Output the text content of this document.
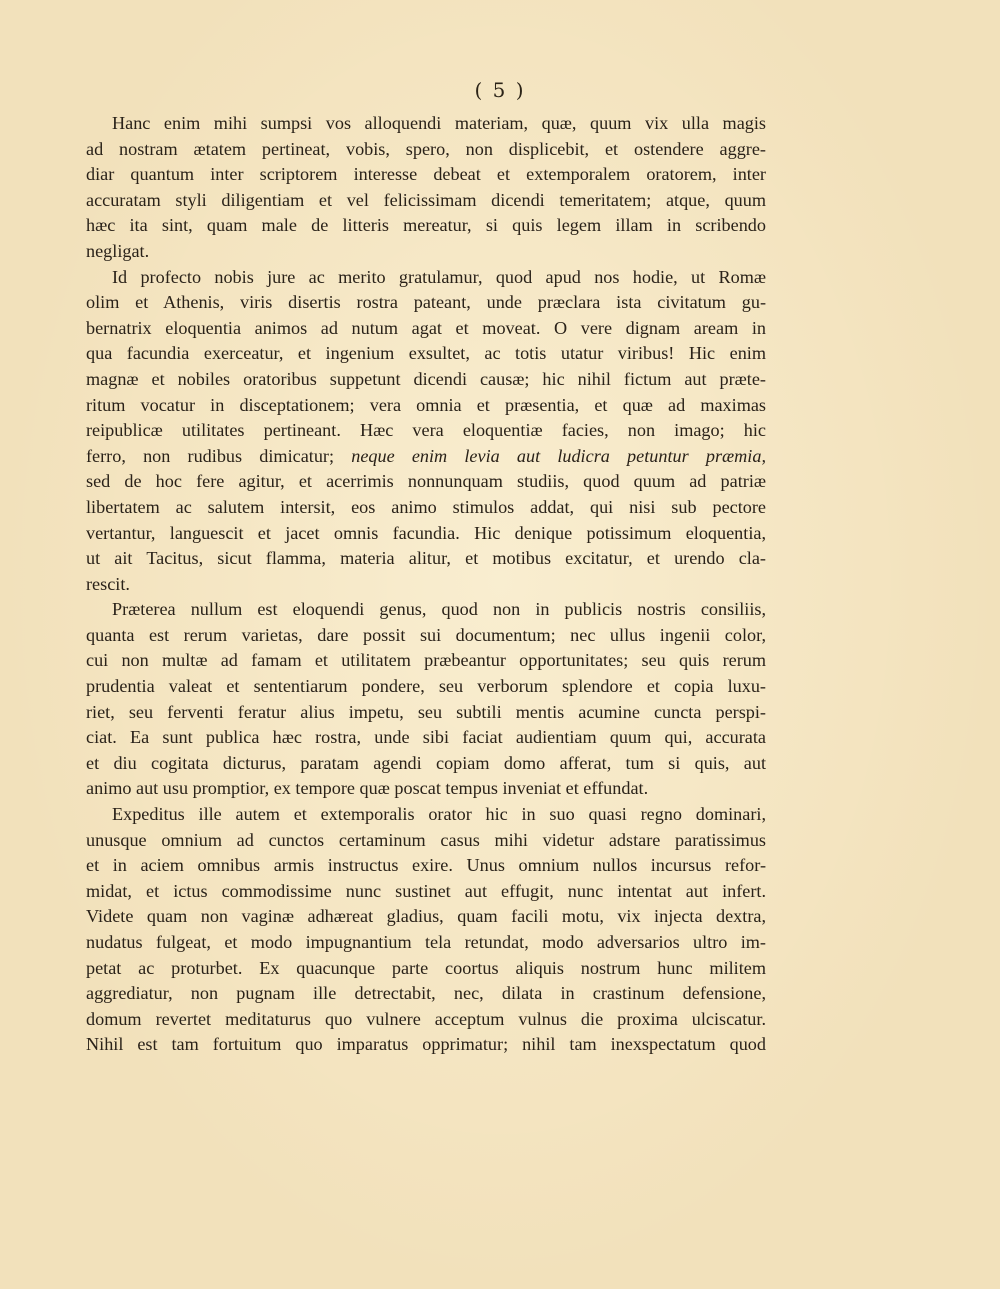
( 5 )
Hanc enim mihi sumpsi vos alloquendi materiam, quæ, quum vix ulla magis
ad nostram ætatem pertineat, vobis, spero, non displicebit, et ostendere aggre-
diar quantum inter scriptorem interesse debeat et extemporalem oratorem, inter
accuratam styli diligentiam et vel felicissimam dicendi temeritatem; atque, quum
hæc ita sint, quam male de litteris mereatur, si quis legem illam in scribendo
negligat.
Id profecto nobis jure ac merito gratulamur, quod apud nos hodie, ut Romæ
olim et Athenis, viris disertis rostra pateant, unde præclara ista civitatum gu-
bernatrix eloquentia animos ad nutum agat et moveat. O vere dignam aream in
qua facundia exerceatur, et ingenium exsultet, ac totis utatur viribus! Hic enim
magnæ et nobiles oratoribus suppetunt dicendi causæ; hic nihil fictum aut præte-
ritum vocatur in disceptationem; vera omnia et præsentia, et quæ ad maximas
reipublicæ utilitates pertineant. Hæc vera eloquentiæ facies, non imago; hic
ferro, non rudibus dimicatur; neque enim levia aut ludicra petuntur præmia,
sed de hoc fere agitur, et acerrimis nonnunquam studiis, quod quum ad patriæ
libertatem ac salutem intersit, eos animo stimulos addat, qui nisi sub pectore
vertantur, languescit et jacet omnis facundia. Hic denique potissimum eloquentia,
ut ait Tacitus, sicut flamma, materia alitur, et motibus excitatur, et urendo cla-
rescit.
Præterea nullum est eloquendi genus, quod non in publicis nostris consiliis,
quanta est rerum varietas, dare possit sui documentum; nec ullus ingenii color,
cui non multæ ad famam et utilitatem præbeantur opportunitates; seu quis rerum
prudentia valeat et sententiarum pondere, seu verborum splendore et copia luxu-
riet, seu ferventi feratur alius impetu, seu subtili mentis acumine cuncta perspi-
ciat. Ea sunt publica hæc rostra, unde sibi faciat audientiam quum qui, accurata
et diu cogitata dicturus, paratam agendi copiam domo afferat, tum si quis, aut
animo aut usu promptior, ex tempore quæ poscat tempus inveniat et effundat.
Expeditus ille autem et extemporalis orator hic in suo quasi regno dominari,
unusque omnium ad cunctos certaminum casus mihi videtur adstare paratissimus
et in aciem omnibus armis instructus exire. Unus omnium nullos incursus refor-
midat, et ictus commodissime nunc sustinet aut effugit, nunc intentat aut infert.
Videte quam non vaginæ adhæreat gladius, quam facili motu, vix injecta dextra,
nudatus fulgeat, et modo impugnantium tela retundat, modo adversarios ultro im-
petat ac proturbet. Ex quacunque parte coortus aliquis nostrum hunc militem
aggrediatur, non pugnam ille detrectabit, nec, dilata in crastinum defensione,
domum revertet meditaturus quo vulnere acceptum vulnus die proxima ulciscatur.
Nihil est tam fortuitum quo imparatus opprimatur; nihil tam inexspectatum quod
